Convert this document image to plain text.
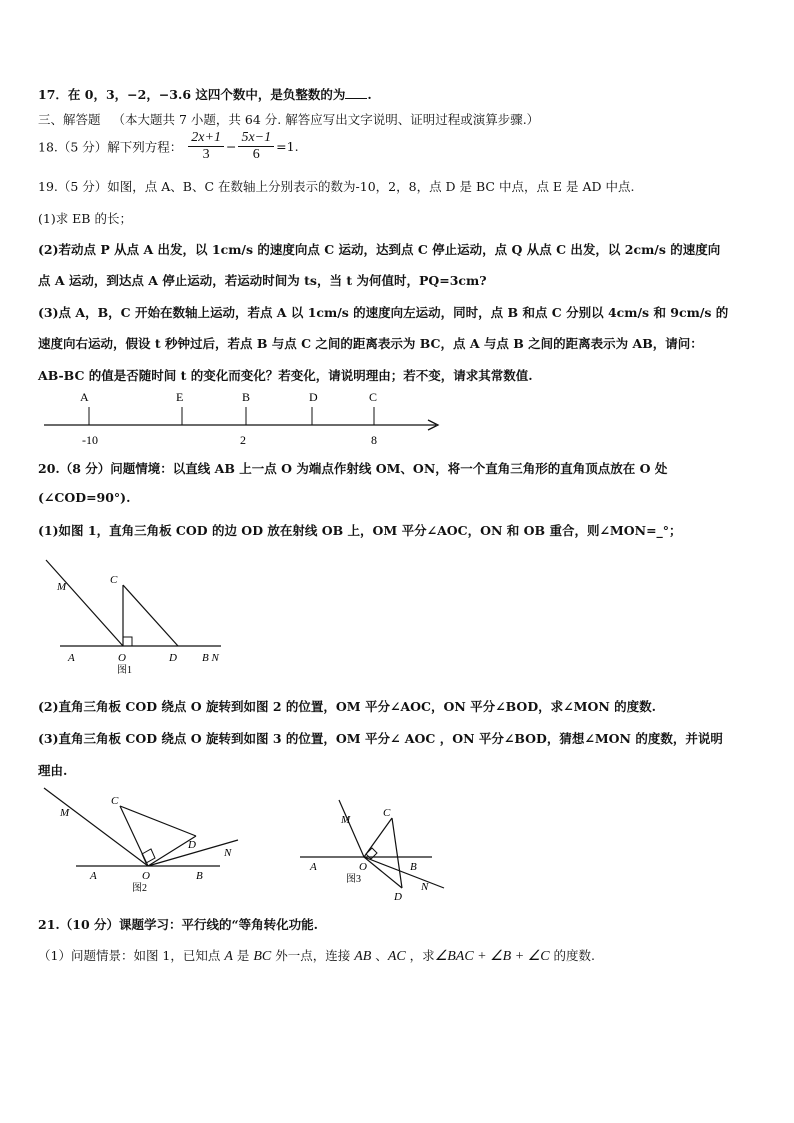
17．在 0，3，−2，−3.6 这四个数中，是负整数的为 .
三、解答题 （本大题共 7 小题，共 64 分. 解答应写出文字说明、证明过程或演算步骤.）
18.（5 分）解下列方程： $\frac{2x+1}{3} - \frac{5x-1}{6} =1$.
19.（5 分）如图，点 A、B、C 在数轴上分别表示的数为-10，2，8，点 D 是 BC 中点，点 E 是 AD 中点.
(1)求 EB 的长；
(2)若动点 P 从点 A 出发，以 1cm/s 的速度向点 C 运动，达到点 C 停止运动，点 Q 从点 C 出发，以 2cm/s 的速度向
点 A 运动，到达点 A 停止运动，若运动时间为 ts，当 t 为何值时，PQ=3cm?
(3)点 A，B，C 开始在数轴上运动，若点 A 以 1cm/s 的速度向左运动，同时，点 B 和点 C 分别以 4cm/s 和 9cm/s 的
速度向右运动，假设 t 秒钟过后，若点 B 与点 C 之间的距离表示为 BC，点 A 与点 B 之间的距离表示为 AB，请问：
AB-BC 的值是否随时间 t 的变化而变化？若变化，请说明理由；若不变，请求其常数值.
A	E	B	D	C
-10	2	8
20.（8 分）问题情境：以直线 AB 上一点 O 为端点作射线 OM、ON，将一个直角三角形的直角顶点放在 O 处
(∠COD=90°).
(1)如图 1，直角三角板 COD 的边 OD 放在射线 OB 上，OM 平分∠AOC，ON 和 OB 重合，则∠MON=_°；
M
C
A	O	D B N
图1
(2)直角三角板 COD 绕点 O 旋转到如图 2 的位置，OM 平分∠AOC，ON 平分∠BOD，求∠MON 的度数.
(3)直角三角板 COD 绕点 O 旋转到如图 3 的位置，OM 平分∠ AOC ，ON 平分∠BOD，猜想∠MON 的度数，并说明
理由.
M
C
D
N
A	O	B
图2
M
C
A	O	B
N
D
图3
21.（10 分）课题学习：平行线的“等角转化功能.
（1）问题情景：如图 1，已知点 A 是 BC 外一点，连接 AB 、AC ，求∠BAC + ∠B + ∠C 的度数.
